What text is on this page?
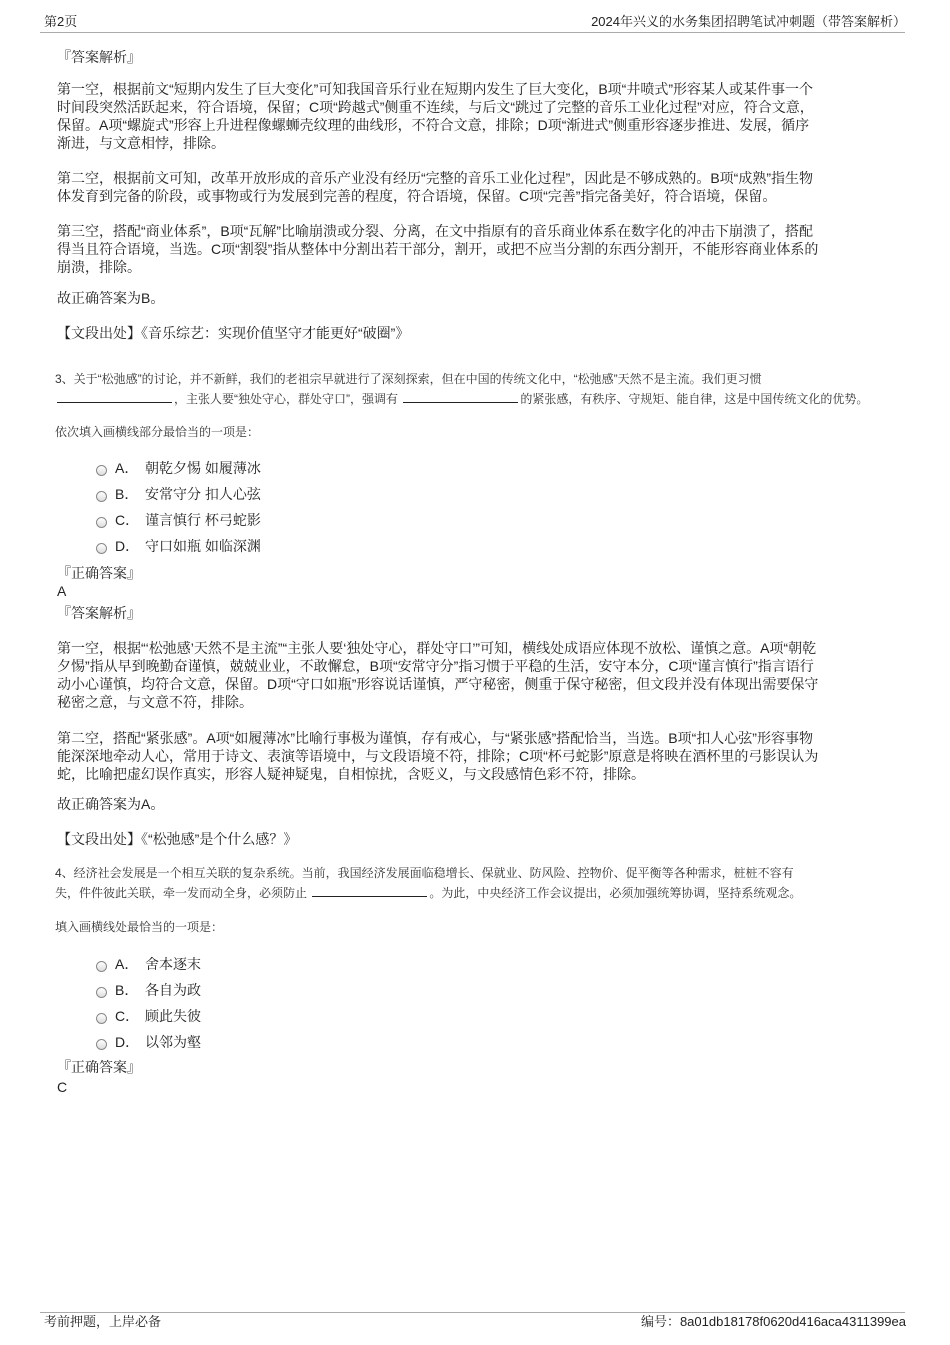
第2页	2024年兴义的水务集团招聘笔试冲刺题（带答案解析）
『答案解析』
第一空，根据前文“短期内发生了巨大变化”可知我国音乐行业在短期内发生了巨大变化，B项“井喷式”形容某人或某件事一个
时间段突然活跃起来，符合语境，保留；C项“跨越式”侧重不连续，与后文“跳过了完整的音乐工业化过程”对应，符合文意，
保留。A项“螺旋式”形容上升进程像螺蛳壳纹理的曲线形，不符合文意，排除；D项“渐进式”侧重形容逐步推进、发展，循序
渐进，与文意相悖，排除。
第二空，根据前文可知，改革开放形成的音乐产业没有经历“完整的音乐工业化过程”，因此是不够成熟的。B项“成熟”指生物
体发育到完备的阶段，或事物或行为发展到完善的程度，符合语境，保留。C项“完善”指完备美好，符合语境，保留。
第三空，搭配“商业体系”，B项“瓦解”比喻崩溃或分裂、分离，在文中指原有的音乐商业体系在数字化的冲击下崩溃了，搭配
得当且符合语境，当选。C项“割裂”指从整体中分割出若干部分，割开，或把不应当分割的东西分割开，不能形容商业体系的
崩溃，排除。
故正确答案为B。
【文段出处】《音乐综艺：实现价值坚守才能更好“破圈”》
3、关于“松弛感”的讨论，并不新鲜，我们的老祖宗早就进行了深刻探索，但在中国的传统文化中，“松弛感”天然不是主流。我们更习惯
，主张人要“独处守心，群处守口”，强调有	的紧张感，有秩序、守规矩、能自律，这是中国传统文化的优势。
依次填入画横线部分最恰当的一项是：
A． 朝乾夕惕 如履薄冰
B． 安常守分 扣人心弦
C． 谨言慎行 杯弓蛇影
D． 守口如瓶 如临深渊
『正确答案』
A
『答案解析』
第一空，根据“‘松弛感’天然不是主流”“主张人要‘独处守心，群处守口’”可知，横线处成语应体现不放松、谨慎之意。A项“朝乾
夕惕”指从早到晚勤奋谨慎，兢兢业业，不敢懈怠，B项“安常守分”指习惯于平稳的生活，安守本分，C项“谨言慎行”指言语行
动小心谨慎，均符合文意，保留。D项“守口如瓶”形容说话谨慎，严守秘密，侧重于保守秘密，但文段并没有体现出需要保守
秘密之意，与文意不符，排除。
第二空，搭配“紧张感”。A项“如履薄冰”比喻行事极为谨慎，存有戒心，与“紧张感”搭配恰当，当选。B项“扣人心弦”形容事物
能深深地牵动人心，常用于诗文、表演等语境中，与文段语境不符，排除；C项“杯弓蛇影”原意是将映在酒杯里的弓影误认为
蛇，比喻把虚幻误作真实，形容人疑神疑鬼，自相惊扰，含贬义，与文段感情色彩不符，排除。
故正确答案为A。
【文段出处】《“松弛感”是个什么感？》
4、经济社会发展是一个相互关联的复杂系统。当前，我国经济发展面临稳增长、保就业、防风险、控物价、促平衡等各种需求，桩桩不容有
失，件件彼此关联，牵一发而动全身，必须防止	。为此，中央经济工作会议提出，必须加强统筹协调，坚持系统观念。
填入画横线处最恰当的一项是：
A． 舍本逐末
B． 各自为政
C． 顾此失彼
D． 以邻为壑
『正确答案』
C
考前押题，上岸必备	编号：8a01db18178f0620d416aca4311399ea
